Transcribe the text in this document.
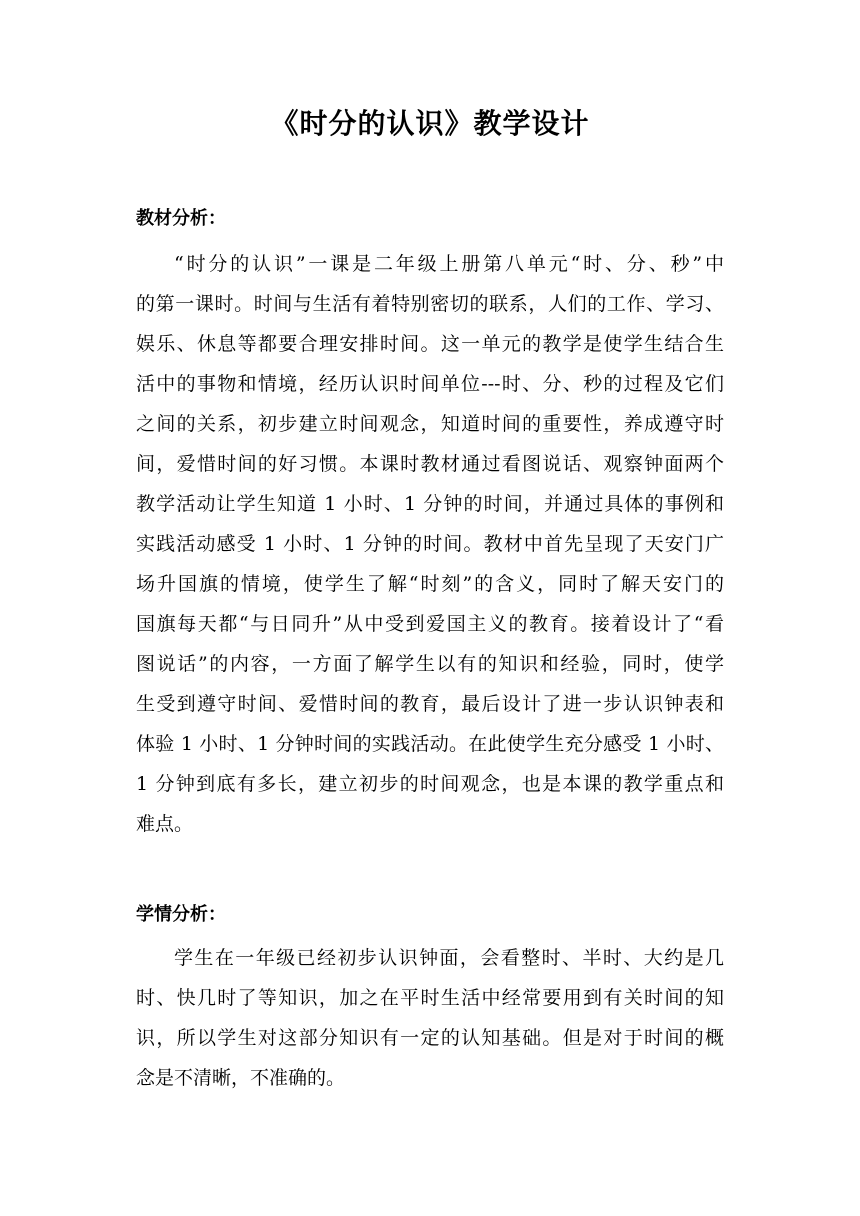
《时分的认识》教学设计
教材分析：
“时分的认识”一课是二年级上册第八单元“时、分、秒”中
的第一课时。时间与生活有着特别密切的联系，人们的工作、学习、
娱乐、休息等都要合理安排时间。这一单元的教学是使学生结合生
活中的事物和情境，经历认识时间单位---时、分、秒的过程及它们
之间的关系，初步建立时间观念，知道时间的重要性，养成遵守时
间，爱惜时间的好习惯。本课时教材通过看图说话、观察钟面两个
教学活动让学生知道 1 小时、1 分钟的时间，并通过具体的事例和
实践活动感受 1 小时、1 分钟的时间。教材中首先呈现了天安门广
场升国旗的情境，使学生了解“时刻”的含义，同时了解天安门的
国旗每天都“与日同升”从中受到爱国主义的教育。接着设计了“看
图说话”的内容，一方面了解学生以有的知识和经验，同时，使学
生受到遵守时间、爱惜时间的教育，最后设计了进一步认识钟表和
体验 1 小时、1 分钟时间的实践活动。在此使学生充分感受 1 小时、
1 分钟到底有多长，建立初步的时间观念，也是本课的教学重点和
难点。
学情分析：
学生在一年级已经初步认识钟面，会看整时、半时、大约是几
时、快几时了等知识，加之在平时生活中经常要用到有关时间的知
识，所以学生对这部分知识有一定的认知基础。但是对于时间的概
念是不清晰，不准确的。
